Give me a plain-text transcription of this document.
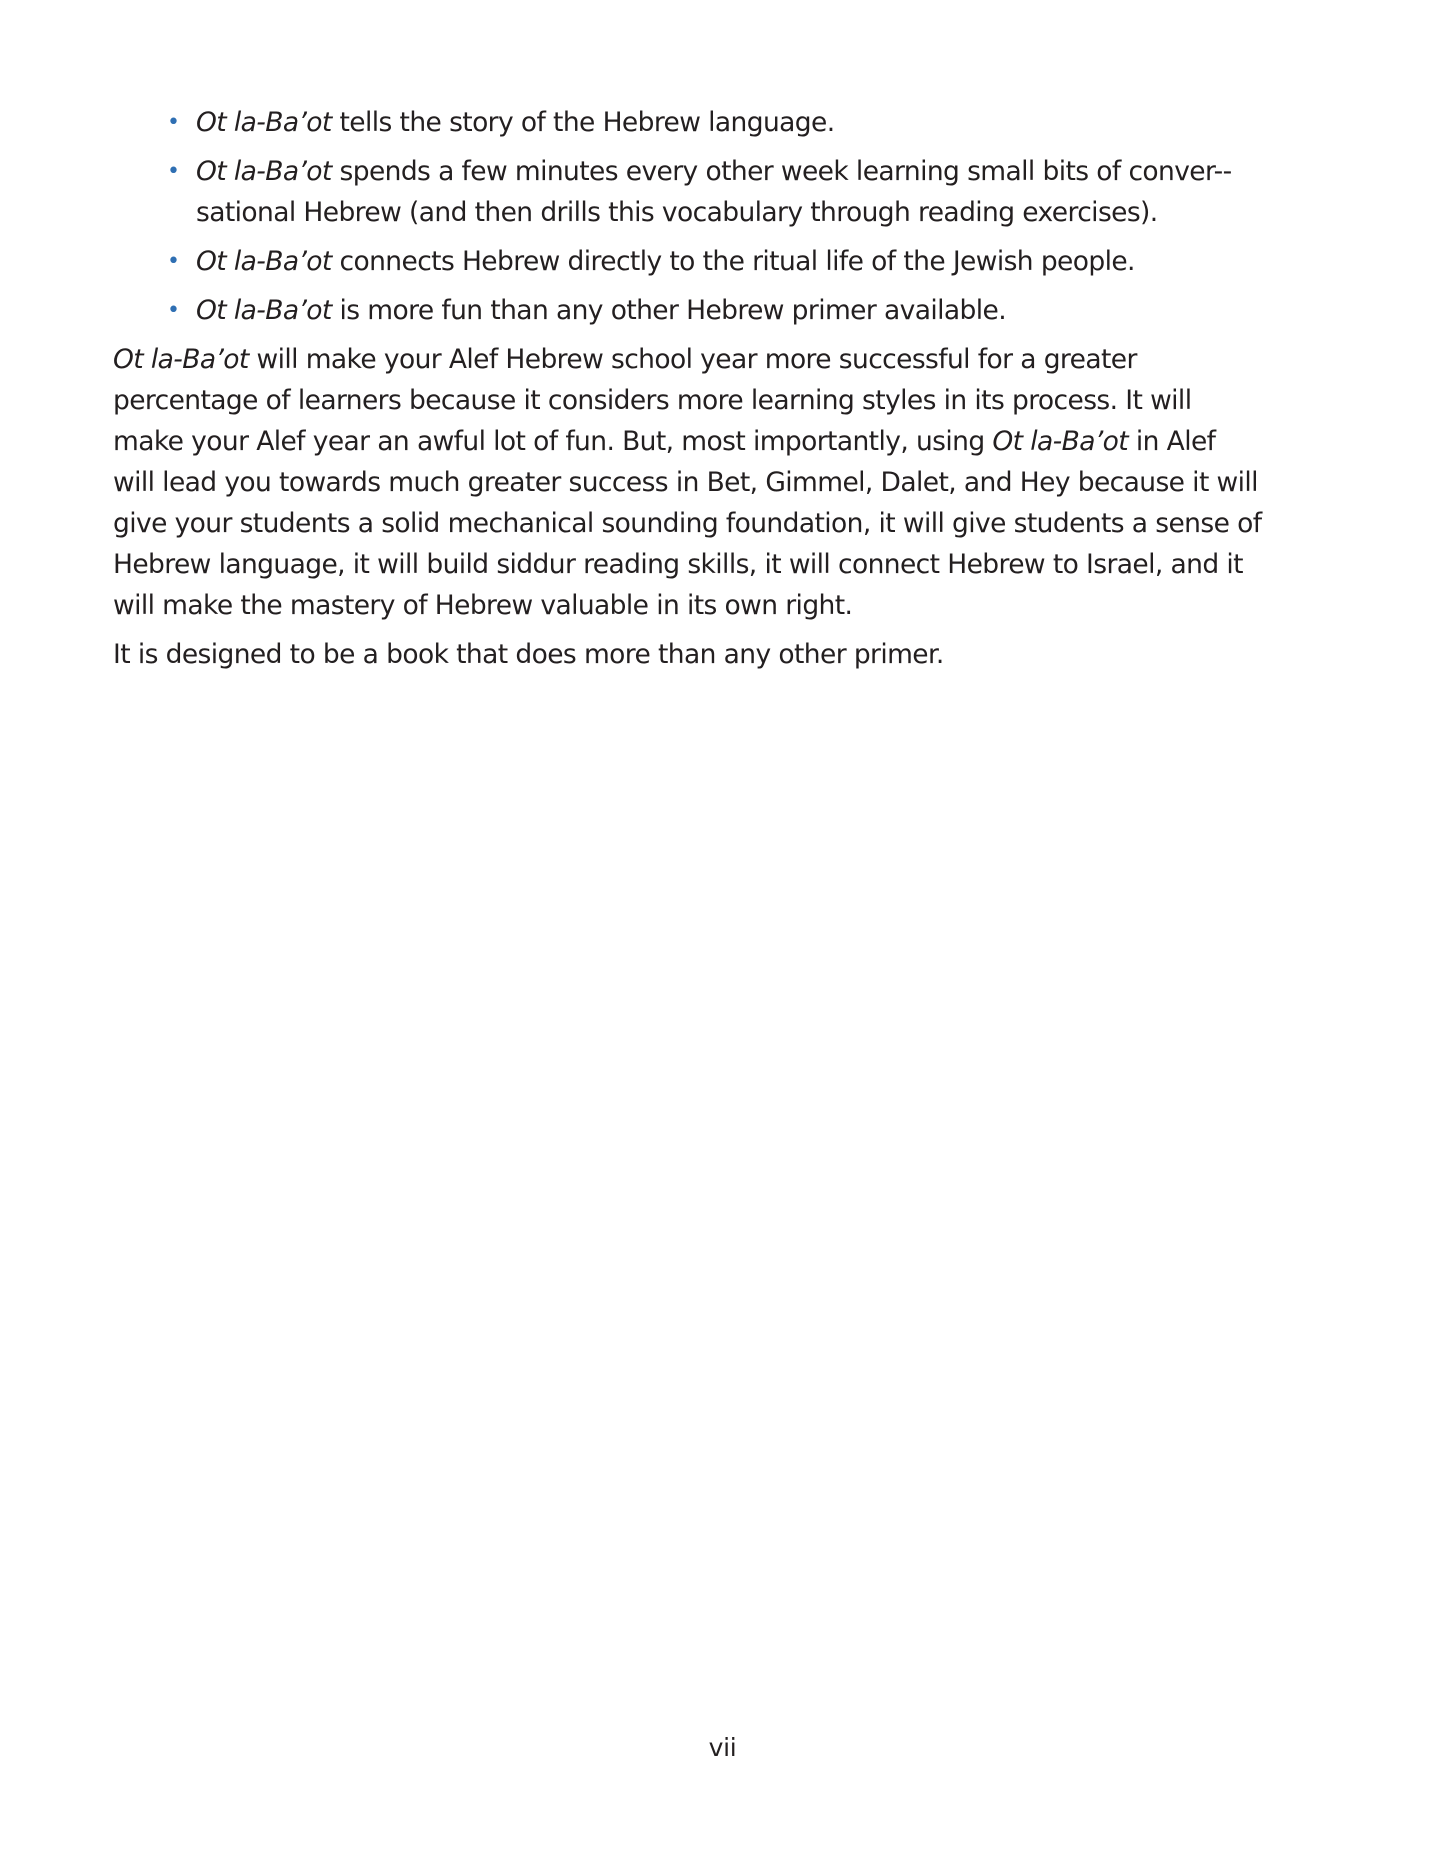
• Ot la-Ba’ot tells the story of the Hebrew language.
• Ot la-Ba’ot spends a few minutes every other week learning small bits of conver-sational Hebrew (and then drills this vocabulary through reading exercises).
• Ot la-Ba’ot connects Hebrew directly to the ritual life of the Jewish people.
• Ot la-Ba’ot is more fun than any other Hebrew primer available.

Ot la-Ba’ot will make your Alef Hebrew school year more successful for a greater percentage of learners because it considers more learning styles in its process. It will make your Alef year an awful lot of fun. But, most importantly, using Ot la-Ba’ot in Alef will lead you towards much greater success in Bet, Gimmel, Dalet, and Hey because it will give your students a solid mechanical sounding foundation, it will give students a sense of Hebrew language, it will build siddur reading skills, it will connect Hebrew to Israel, and it will make the mastery of Hebrew valuable in its own right.

It is designed to be a book that does more than any other primer.

vii
